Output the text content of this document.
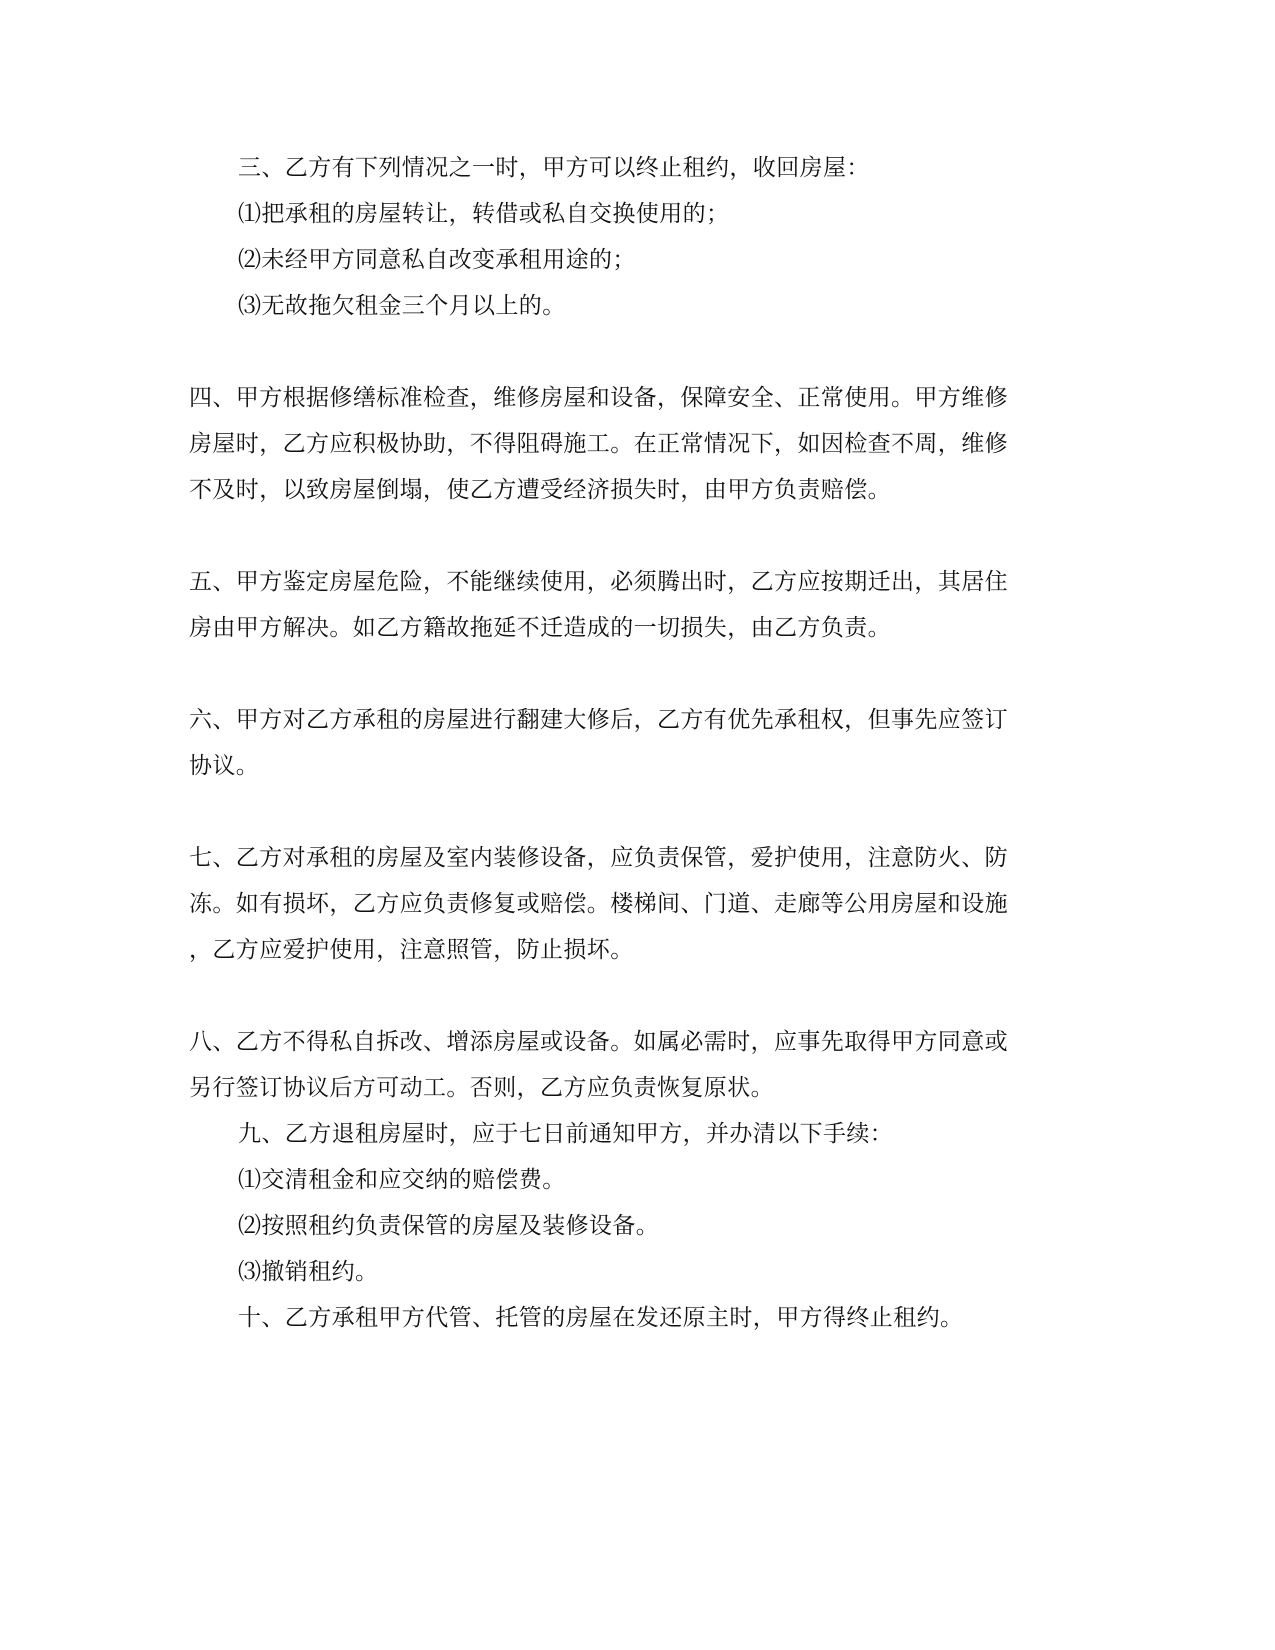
三、乙方有下列情况之一时，甲方可以终止租约，收回房屋：
⑴把承租的房屋转让，转借或私自交换使用的；
⑵未经甲方同意私自改变承租用途的；
⑶无故拖欠租金三个月以上的。
四、甲方根据修缮标准检查，维修房屋和设备，保障安全、正常使用。甲方维修
房屋时，乙方应积极协助，不得阻碍施工。在正常情况下，如因检查不周，维修
不及时，以致房屋倒塌，使乙方遭受经济损失时，由甲方负责赔偿。
五、甲方鉴定房屋危险，不能继续使用，必须腾出时，乙方应按期迁出，其居住
房由甲方解决。如乙方籍故拖延不迁造成的一切损失，由乙方负责。
六、甲方对乙方承租的房屋进行翻建大修后，乙方有优先承租权，但事先应签订
协议。
七、乙方对承租的房屋及室内装修设备，应负责保管，爱护使用，注意防火、防
冻。如有损坏，乙方应负责修复或赔偿。楼梯间、门道、走廊等公用房屋和设施
，乙方应爱护使用，注意照管，防止损坏。
八、乙方不得私自拆改、增添房屋或设备。如属必需时，应事先取得甲方同意或
另行签订协议后方可动工。否则，乙方应负责恢复原状。
九、乙方退租房屋时，应于七日前通知甲方，并办清以下手续：
⑴交清租金和应交纳的赔偿费。
⑵按照租约负责保管的房屋及装修设备。
⑶撤销租约。
十、乙方承租甲方代管、托管的房屋在发还原主时，甲方得终止租约。
